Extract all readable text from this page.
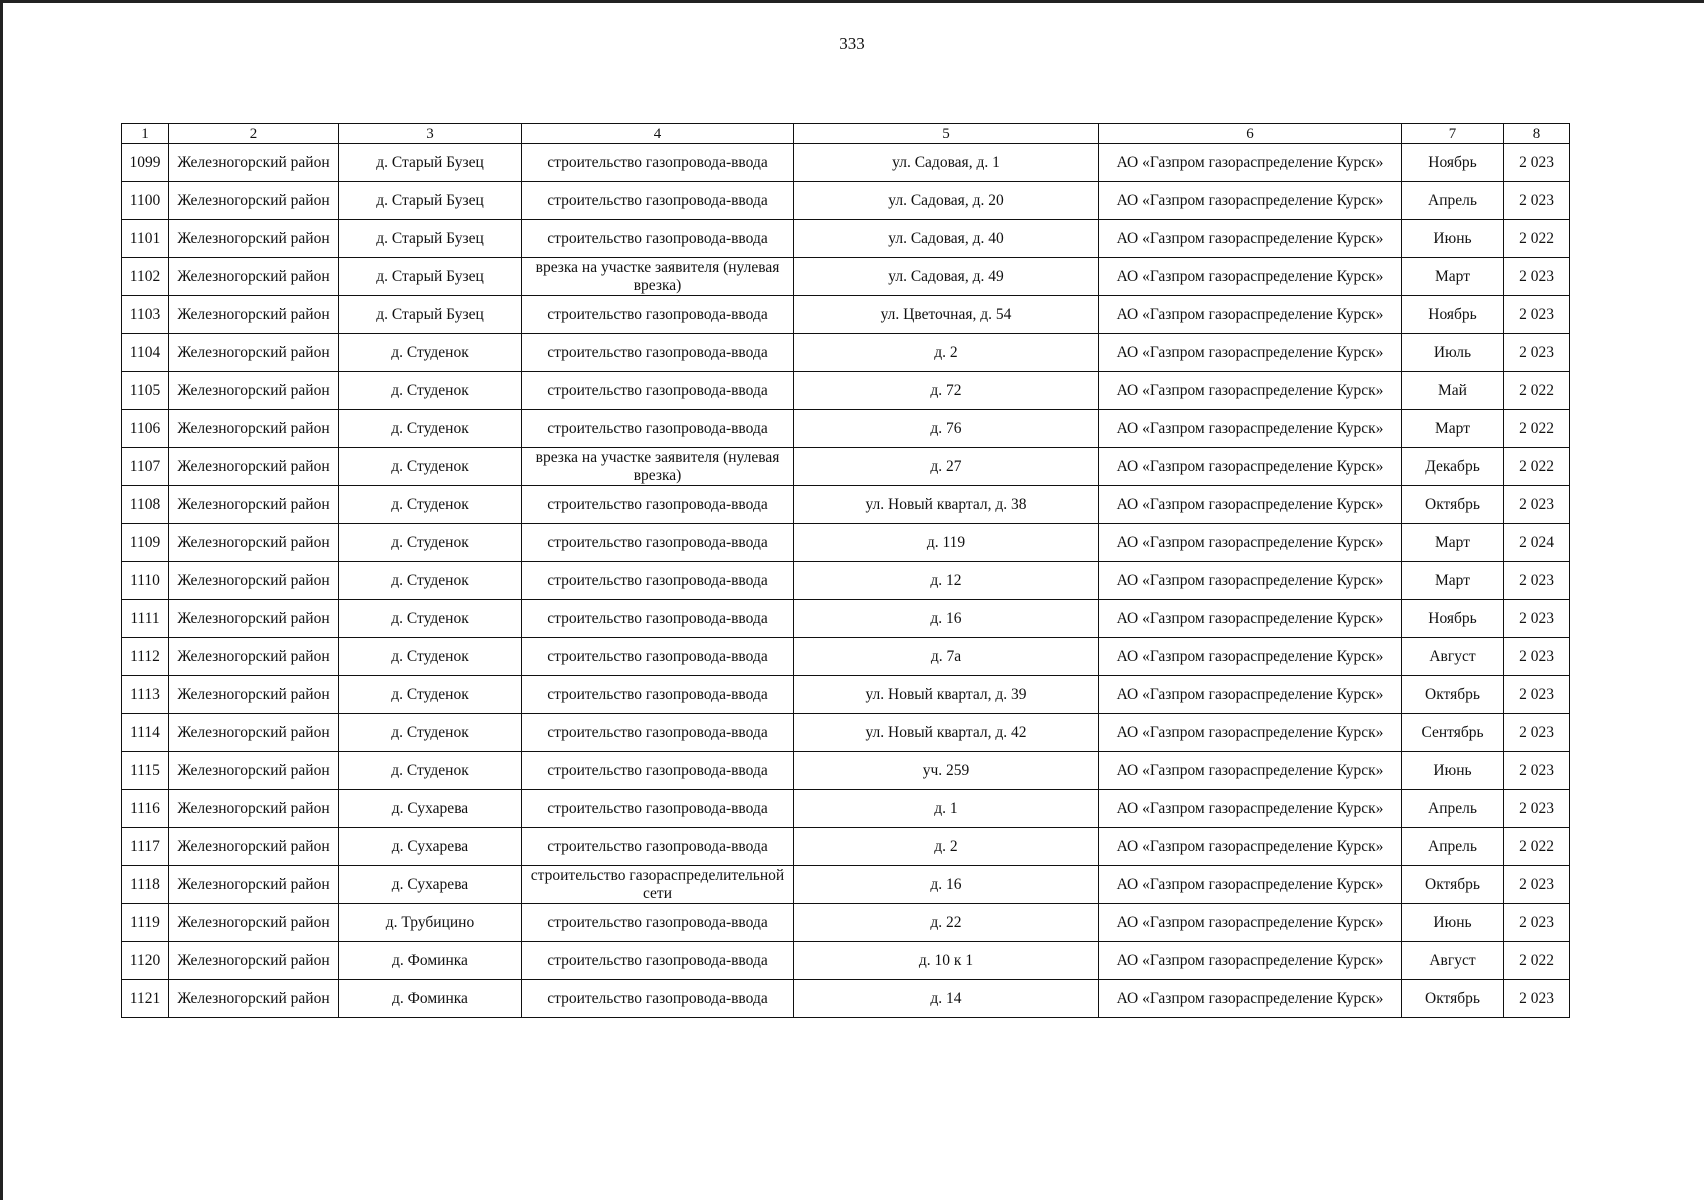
333
1	2	3	4	5	6	7	8
1099	Железногорский район	д. Старый Бузец	строительство газопровода-ввода	ул. Садовая, д. 1	АО «Газпром газораспределение Курск»	Ноябрь	2 023
1100	Железногорский район	д. Старый Бузец	строительство газопровода-ввода	ул. Садовая, д. 20	АО «Газпром газораспределение Курск»	Апрель	2 023
1101	Железногорский район	д. Старый Бузец	строительство газопровода-ввода	ул. Садовая, д. 40	АО «Газпром газораспределение Курск»	Июнь	2 022
1102	Железногорский район	д. Старый Бузец	врезка на участке заявителя (нулевая врезка)	ул. Садовая, д. 49	АО «Газпром газораспределение Курск»	Март	2 023
1103	Железногорский район	д. Старый Бузец	строительство газопровода-ввода	ул. Цветочная, д. 54	АО «Газпром газораспределение Курск»	Ноябрь	2 023
1104	Железногорский район	д. Студенок	строительство газопровода-ввода	д. 2	АО «Газпром газораспределение Курск»	Июль	2 023
1105	Железногорский район	д. Студенок	строительство газопровода-ввода	д. 72	АО «Газпром газораспределение Курск»	Май	2 022
1106	Железногорский район	д. Студенок	строительство газопровода-ввода	д. 76	АО «Газпром газораспределение Курск»	Март	2 022
1107	Железногорский район	д. Студенок	врезка на участке заявителя (нулевая врезка)	д. 27	АО «Газпром газораспределение Курск»	Декабрь	2 022
1108	Железногорский район	д. Студенок	строительство газопровода-ввода	ул. Новый квартал, д. 38	АО «Газпром газораспределение Курск»	Октябрь	2 023
1109	Железногорский район	д. Студенок	строительство газопровода-ввода	д. 119	АО «Газпром газораспределение Курск»	Март	2 024
1110	Железногорский район	д. Студенок	строительство газопровода-ввода	д. 12	АО «Газпром газораспределение Курск»	Март	2 023
1111	Железногорский район	д. Студенок	строительство газопровода-ввода	д. 16	АО «Газпром газораспределение Курск»	Ноябрь	2 023
1112	Железногорский район	д. Студенок	строительство газопровода-ввода	д. 7а	АО «Газпром газораспределение Курск»	Август	2 023
1113	Железногорский район	д. Студенок	строительство газопровода-ввода	ул. Новый квартал, д. 39	АО «Газпром газораспределение Курск»	Октябрь	2 023
1114	Железногорский район	д. Студенок	строительство газопровода-ввода	ул. Новый квартал, д. 42	АО «Газпром газораспределение Курск»	Сентябрь	2 023
1115	Железногорский район	д. Студенок	строительство газопровода-ввода	уч. 259	АО «Газпром газораспределение Курск»	Июнь	2 023
1116	Железногорский район	д. Сухарева	строительство газопровода-ввода	д. 1	АО «Газпром газораспределение Курск»	Апрель	2 023
1117	Железногорский район	д. Сухарева	строительство газопровода-ввода	д. 2	АО «Газпром газораспределение Курск»	Апрель	2 022
1118	Железногорский район	д. Сухарева	строительство газораспределительной сети	д. 16	АО «Газпром газораспределение Курск»	Октябрь	2 023
1119	Железногорский район	д. Трубицино	строительство газопровода-ввода	д. 22	АО «Газпром газораспределение Курск»	Июнь	2 023
1120	Железногорский район	д. Фоминка	строительство газопровода-ввода	д. 10 к 1	АО «Газпром газораспределение Курск»	Август	2 022
1121	Железногорский район	д. Фоминка	строительство газопровода-ввода	д. 14	АО «Газпром газораспределение Курск»	Октябрь	2 023
